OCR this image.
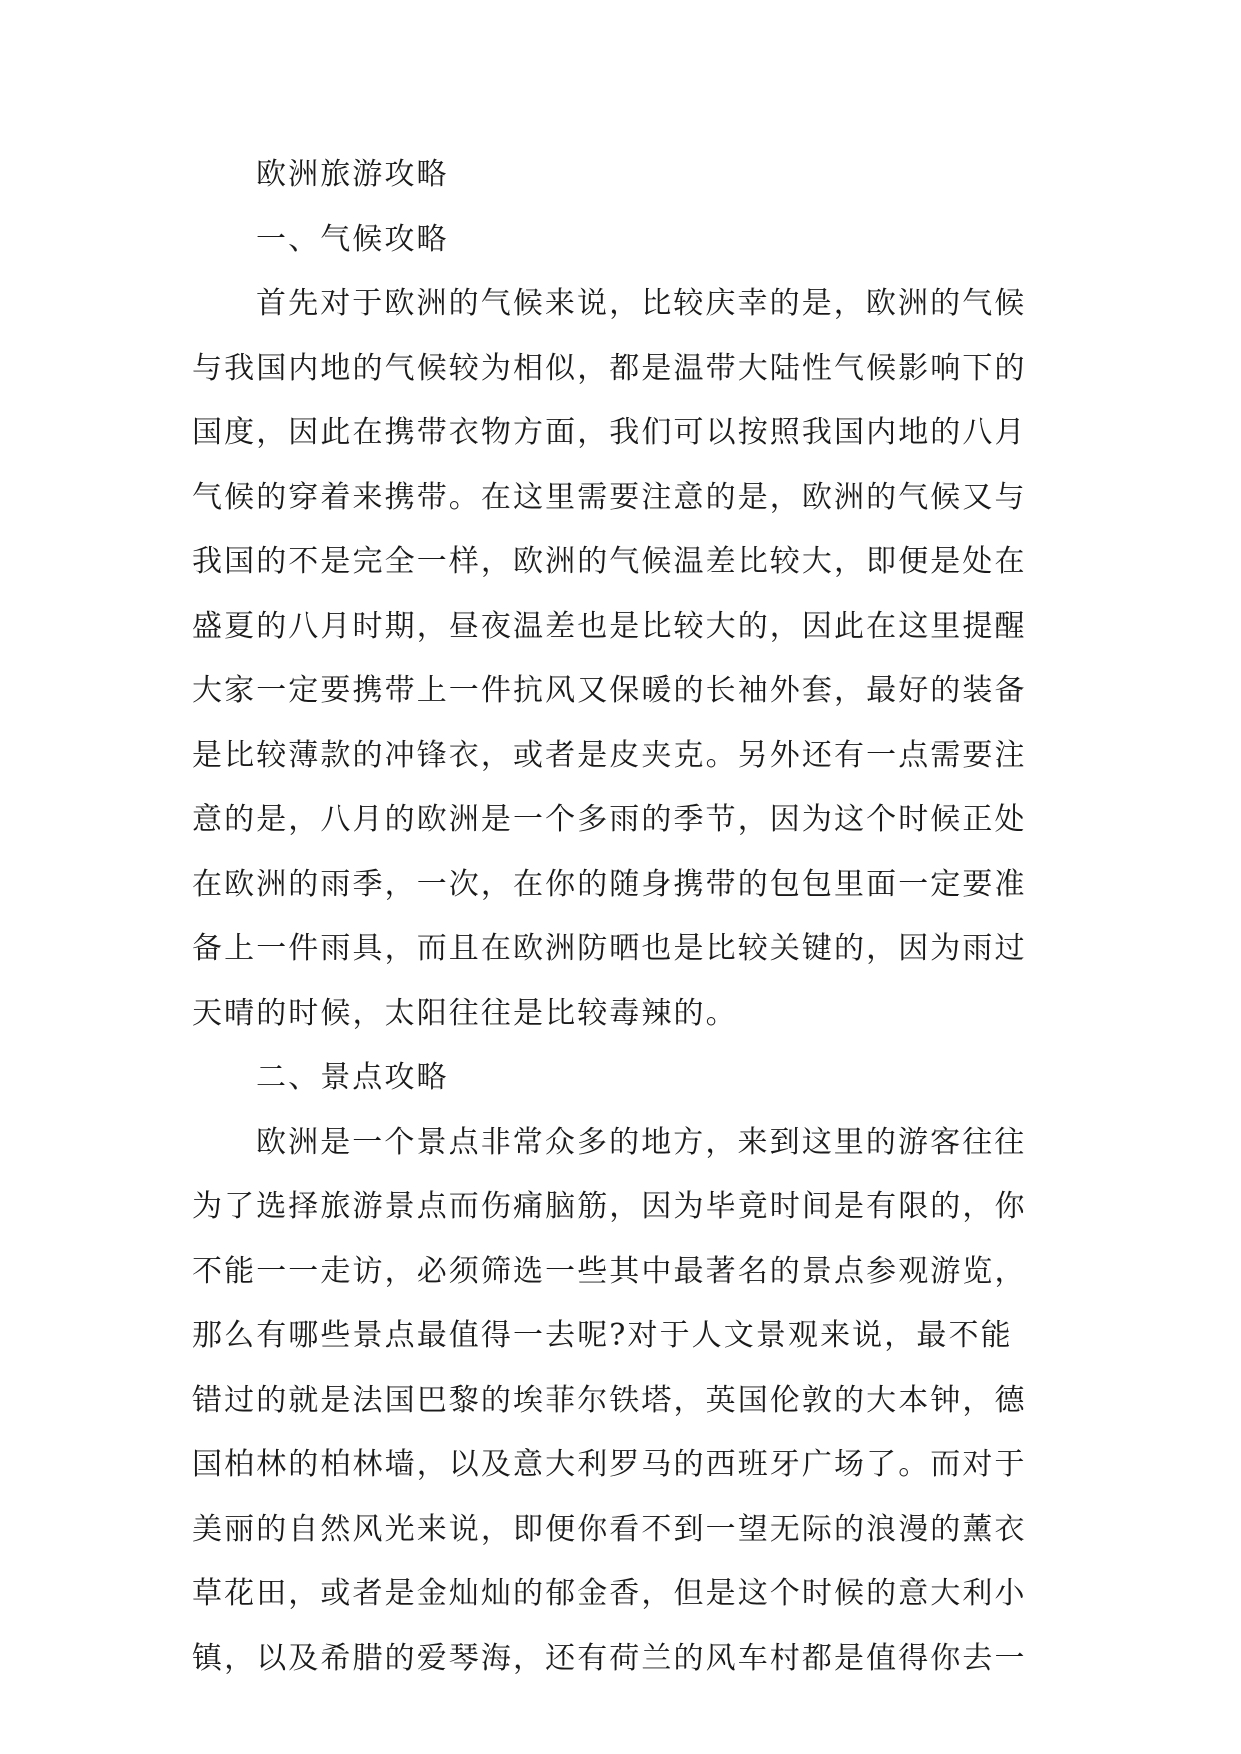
欧洲旅游攻略
一、气候攻略
首先对于欧洲的气候来说，比较庆幸的是，欧洲的气候
与我国内地的气候较为相似，都是温带大陆性气候影响下的
国度，因此在携带衣物方面，我们可以按照我国内地的八月
气候的穿着来携带。在这里需要注意的是，欧洲的气候又与
我国的不是完全一样，欧洲的气候温差比较大，即便是处在
盛夏的八月时期，昼夜温差也是比较大的，因此在这里提醒
大家一定要携带上一件抗风又保暖的长袖外套，最好的装备
是比较薄款的冲锋衣，或者是皮夹克。另外还有一点需要注
意的是，八月的欧洲是一个多雨的季节，因为这个时候正处
在欧洲的雨季，一次，在你的随身携带的包包里面一定要准
备上一件雨具，而且在欧洲防晒也是比较关键的，因为雨过
天晴的时候，太阳往往是比较毒辣的。
二、景点攻略
欧洲是一个景点非常众多的地方，来到这里的游客往往
为了选择旅游景点而伤痛脑筋，因为毕竟时间是有限的，你
不能一一走访，必须筛选一些其中最著名的景点参观游览，
那么有哪些景点最值得一去呢?对于人文景观来说，最不能
错过的就是法国巴黎的埃菲尔铁塔，英国伦敦的大本钟，德
国柏林的柏林墙，以及意大利罗马的西班牙广场了。而对于
美丽的自然风光来说，即便你看不到一望无际的浪漫的薰衣
草花田，或者是金灿灿的郁金香，但是这个时候的意大利小
镇，以及希腊的爱琴海，还有荷兰的风车村都是值得你去一
